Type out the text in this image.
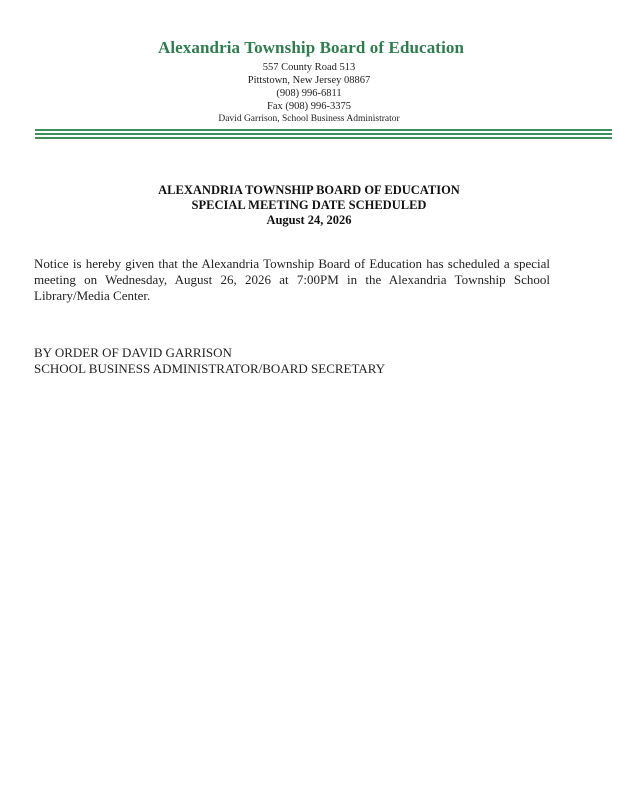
Alexandria Township Board of Education
557 County Road 513
Pittstown, New Jersey 08867
(908) 996-6811
Fax (908) 996-3375
David Garrison, School Business Administrator
ALEXANDRIA TOWNSHIP BOARD OF EDUCATION
SPECIAL MEETING DATE SCHEDULED
August 24, 2026
Notice is hereby given that the Alexandria Township Board of Education has scheduled a special meeting on Wednesday, August 26, 2026 at 7:00PM in the Alexandria Township School Library/Media Center.
BY ORDER OF DAVID GARRISON
SCHOOL BUSINESS ADMINISTRATOR/BOARD SECRETARY
